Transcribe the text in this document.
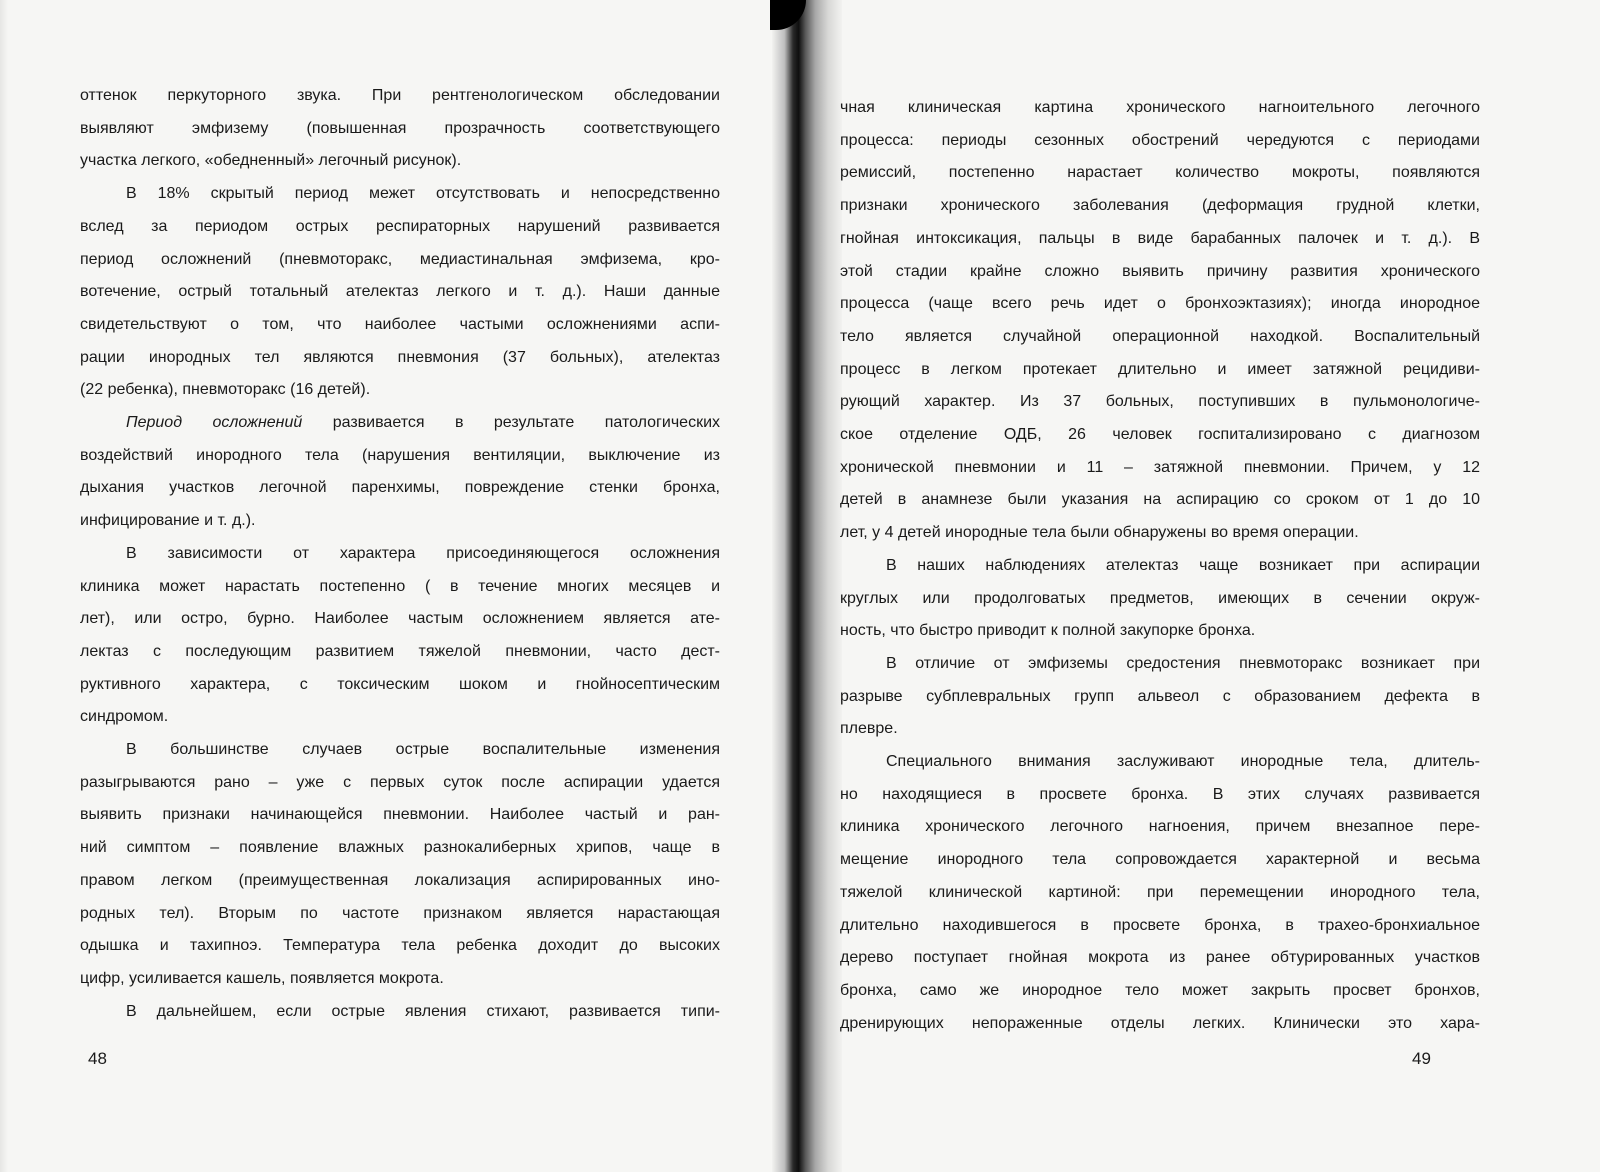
оттенок перкуторного звука. При рентгенологическом обследовании

выявляют эмфизему (повышенная прозрачность соответствующего

участка легкого, «обедненный» легочный рисунок).

В 18% скрытый период межет отсутствовать и непосредственно

вслед за периодом острых респираторных нарушений развивается

период осложнений (пневмоторакс, медиастинальная эмфизема, кро-

вотечение, острый тотальный ателектаз легкого и т. д.). Наши данные

свидетельствуют о том, что наиболее частыми осложнениями аспи-

рации инородных тел являются пневмония (37 больных), ателектаз

(22 ребенка), пневмоторакс (16 детей).

Период осложнений развивается в результате патологических

воздействий инородного тела (нарушения вентиляции, выключение из

дыхания участков легочной паренхимы, повреждение стенки бронха,

инфицирование и т. д.).

В зависимости от характера присоединяющегося осложнения

клиника может нарастать постепенно ( в течение многих месяцев и

лет), или остро, бурно. Наиболее частым осложнением является ате-

лектаз с последующим развитием тяжелой пневмонии, часто дест-

руктивного характера, с токсическим шоком и гнойносептическим

синдромом.

В большинстве случаев острые воспалительные изменения

разыгрываются рано – уже с первых суток после аспирации удается

выявить признаки начинающейся пневмонии. Наиболее частый и ран-

ний симптом – появление влажных разнокалиберных хрипов, чаще в

правом легком (преимущественная локализация аспирированных ино-

родных тел). Вторым по частоте признаком является нарастающая

одышка и тахипноэ. Температура тела ребенка доходит до высоких

цифр, усиливается кашель, появляется мокрота.

В дальнейшем, если острые явления стихают, развивается типи-

48

чная клиническая картина хронического нагноительного легочного

процесса: периоды сезонных обострений чередуются с периодами

ремиссий, постепенно нарастает количество мокроты, появляются

признаки хронического заболевания (деформация грудной клетки,

гнойная интоксикация, пальцы в виде барабанных палочек и т. д.). В

этой стадии крайне сложно выявить причину развития хронического

процесса (чаще всего речь идет о бронхоэктазиях); иногда инородное

тело является случайной операционной находкой. Воспалительный

процесс в легком протекает длительно и имеет затяжной рецидиви-

рующий характер. Из 37 больных, поступивших в пульмонологиче-

ское отделение ОДБ, 26 человек госпитализировано с диагнозом

хронической пневмонии и 11 – затяжной пневмонии. Причем, у 12

детей в анамнезе были указания на аспирацию со сроком от 1 до 10

лет, у 4 детей инородные тела были обнаружены во время операции.

В наших наблюдениях ателектаз чаще возникает при аспирации

круглых или продолговатых предметов, имеющих в сечении окруж-

ность, что быстро приводит к полной закупорке бронха.

В отличие от эмфиземы средостения пневмоторакс возникает при

разрыве субплевральных групп альвеол с образованием дефекта в

плевре.

Специального внимания заслуживают инородные тела, длитель-

но находящиеся в просвете бронха. В этих случаях развивается

клиника хронического легочного нагноения, причем внезапное пере-

мещение инородного тела сопровождается характерной и весьма

тяжелой клинической картиной: при перемещении инородного тела,

длительно находившегося в просвете бронха, в трахео-бронхиальное

дерево поступает гнойная мокрота из ранее обтурированных участков

бронха, само же инородное тело может закрыть просвет бронхов,

дренирующих непораженные отделы легких. Клинически это хара-

49
